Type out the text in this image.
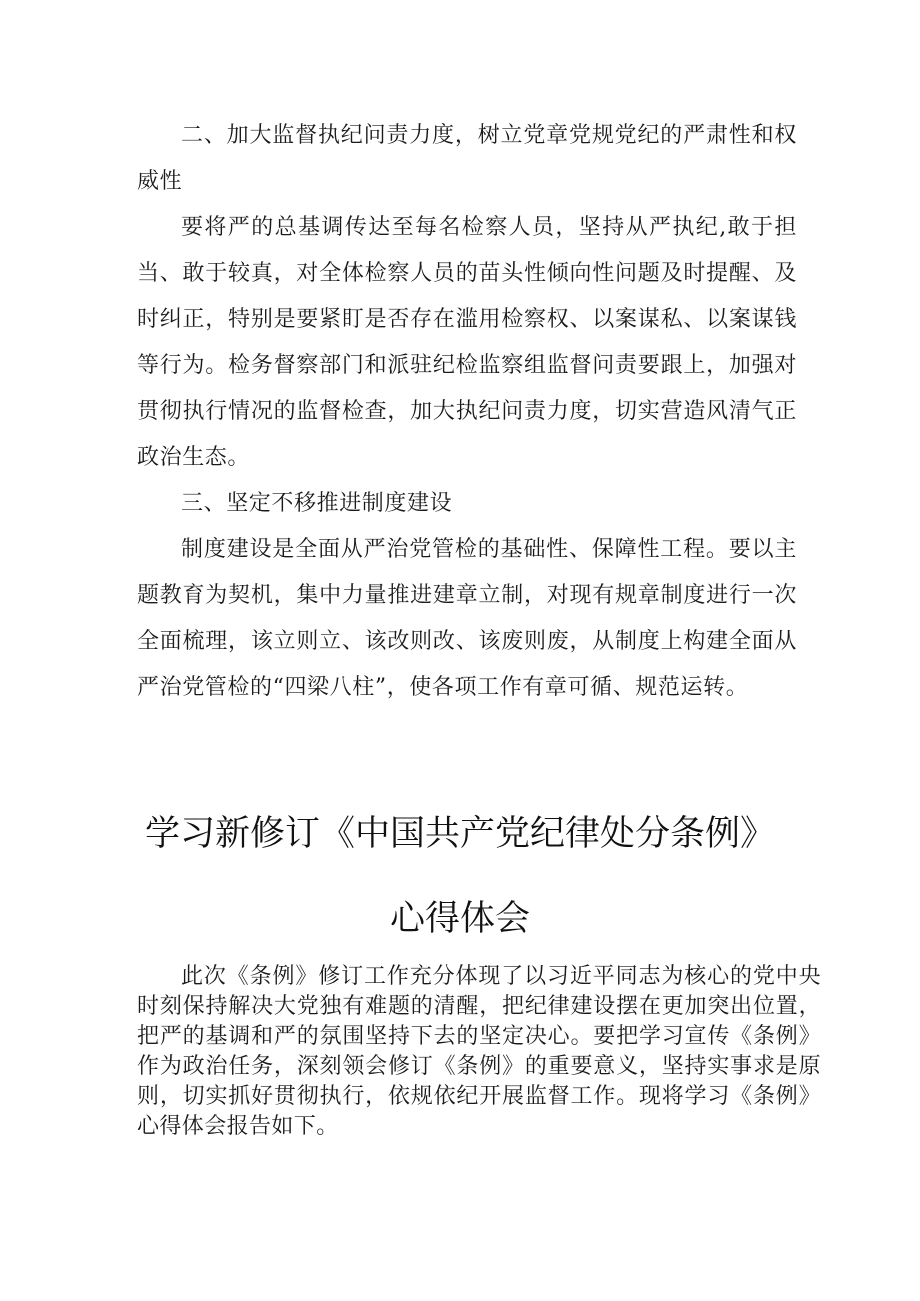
二、加大监督执纪问责力度，树立党章党规党纪的严肃性和权威性

要将严的总基调传达至每名检察人员，坚持从严执纪,敢于担当、敢于较真，对全体检察人员的苗头性倾向性问题及时提醒、及时纠正，特别是要紧盯是否存在滥用检察权、以案谋私、以案谋钱等行为。检务督察部门和派驻纪检监察组监督问责要跟上，加强对贯彻执行情况的监督检查，加大执纪问责力度，切实营造风清气正政治生态。

三、坚定不移推进制度建设

制度建设是全面从严治党管检的基础性、保障性工程。要以主题教育为契机，集中力量推进建章立制，对现有规章制度进行一次全面梳理，该立则立、该改则改、该废则废，从制度上构建全面从严治党管检的“四梁八柱”，使各项工作有章可循、规范运转。

学习新修订《中国共产党纪律处分条例》
心得体会

此次《条例》修订工作充分体现了以习近平同志为核心的党中央时刻保持解决大党独有难题的清醒，把纪律建设摆在更加突出位置，把严的基调和严的氛围坚持下去的坚定决心。要把学习宣传《条例》作为政治任务，深刻领会修订《条例》的重要意义，坚持实事求是原则，切实抓好贯彻执行，依规依纪开展监督工作。现将学习《条例》心得体会报告如下。
